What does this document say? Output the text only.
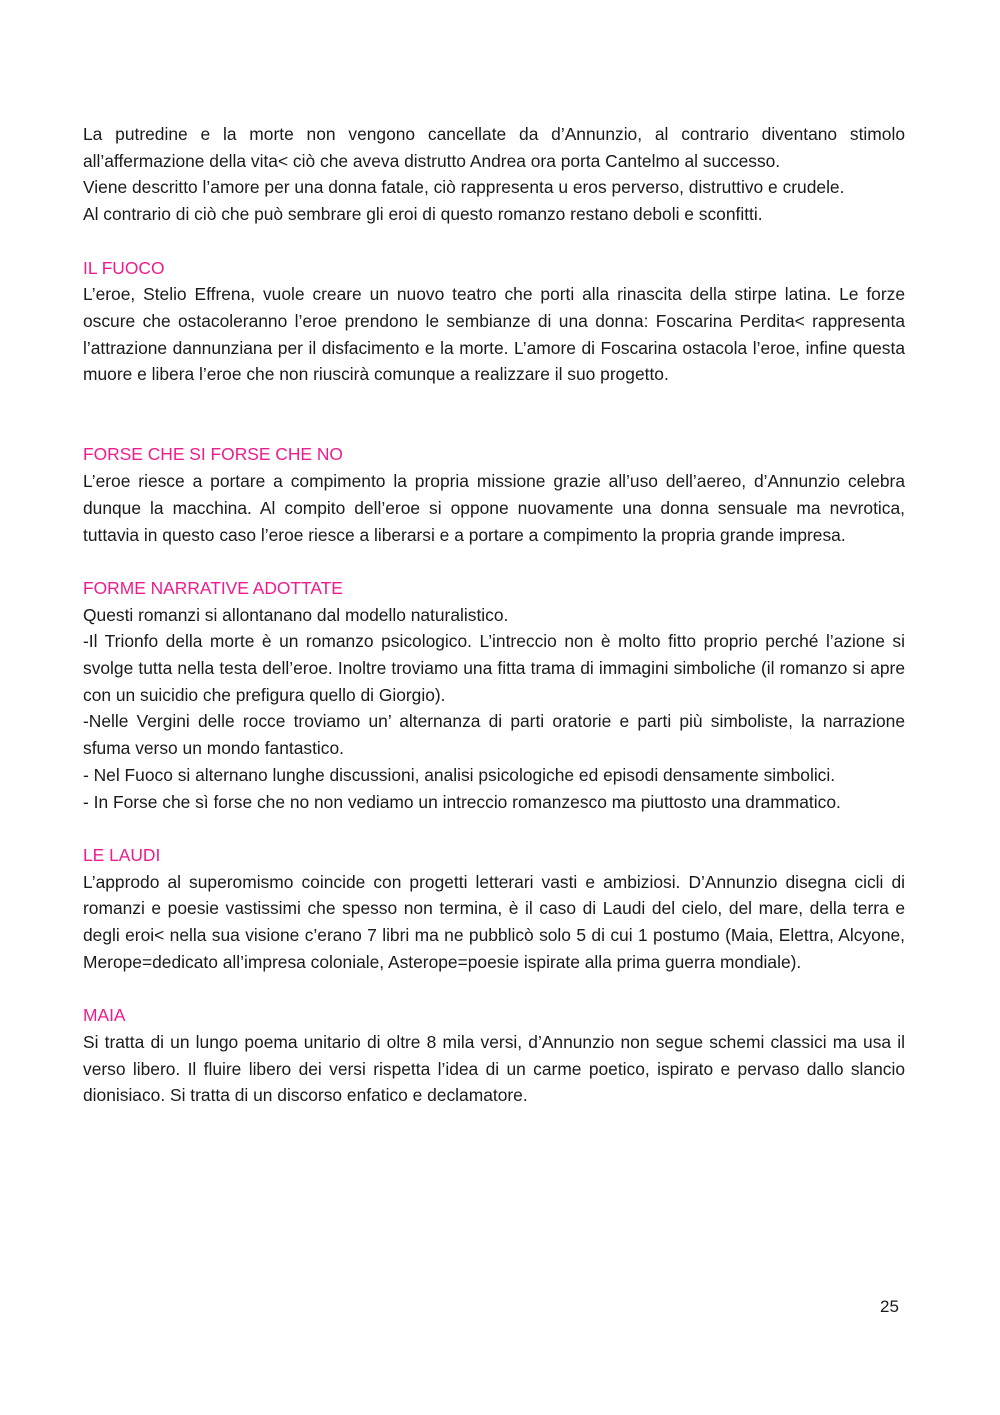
La putredine e la morte non vengono cancellate da d’Annunzio, al contrario diventano stimolo all’affermazione della vita< ciò che aveva distrutto Andrea ora porta Cantelmo al successo.

Viene descritto l’amore per una donna fatale, ciò rappresenta u eros perverso, distruttivo e crudele.

Al contrario di ciò che può sembrare gli eroi di questo romanzo restano deboli e sconfitti.

IL FUOCO

L’eroe, Stelio Effrena, vuole creare un nuovo teatro che porti alla rinascita della stirpe latina. Le forze oscure che ostacoleranno l’eroe prendono le sembianze di una donna: Foscarina Perdita< rappresenta l’attrazione dannunziana per il disfacimento e la morte. L’amore di Foscarina ostacola l’eroe, infine questa muore e libera l’eroe che non riuscirà comunque a realizzare il suo progetto.

FORSE CHE SI FORSE CHE NO

L’eroe riesce a portare a compimento la propria missione grazie all’uso dell’aereo, d’Annunzio celebra dunque la macchina. Al compito dell’eroe si oppone nuovamente una donna sensuale ma nevrotica, tuttavia in questo caso l’eroe riesce a liberarsi e a portare a compimento la propria grande impresa.

FORME NARRATIVE ADOTTATE

Questi romanzi si allontanano dal modello naturalistico.

-Il Trionfo della morte è un romanzo psicologico. L’intreccio non è molto fitto proprio perché l’azione si svolge tutta nella testa dell’eroe. Inoltre troviamo una fitta trama di immagini simboliche (il romanzo si apre con un suicidio che prefigura quello di Giorgio).

-Nelle Vergini delle rocce troviamo un’ alternanza di parti oratorie e parti più simboliste, la narrazione sfuma verso un mondo fantastico.

- Nel Fuoco si alternano lunghe discussioni, analisi psicologiche ed episodi densamente simbolici.

- In Forse che sì forse che no non vediamo un intreccio romanzesco ma piuttosto una drammatico.

LE LAUDI

L’approdo al superomismo coincide con progetti letterari vasti e ambiziosi. D’Annunzio disegna cicli di romanzi e poesie vastissimi che spesso non termina, è il caso di Laudi del cielo, del mare, della terra e degli eroi< nella sua visione c’erano 7 libri ma ne pubblicò solo 5 di cui 1 postumo (Maia, Elettra, Alcyone, Merope=dedicato all’impresa coloniale, Asterope=poesie ispirate alla prima guerra mondiale).

MAIA

Si tratta di un lungo poema unitario di oltre 8 mila versi, d’Annunzio non segue schemi classici ma usa il verso libero. Il fluire libero dei versi rispetta l’idea di un carme poetico, ispirato e pervaso dallo slancio dionisiaco. Si tratta di un discorso enfatico e declamatore.

25
